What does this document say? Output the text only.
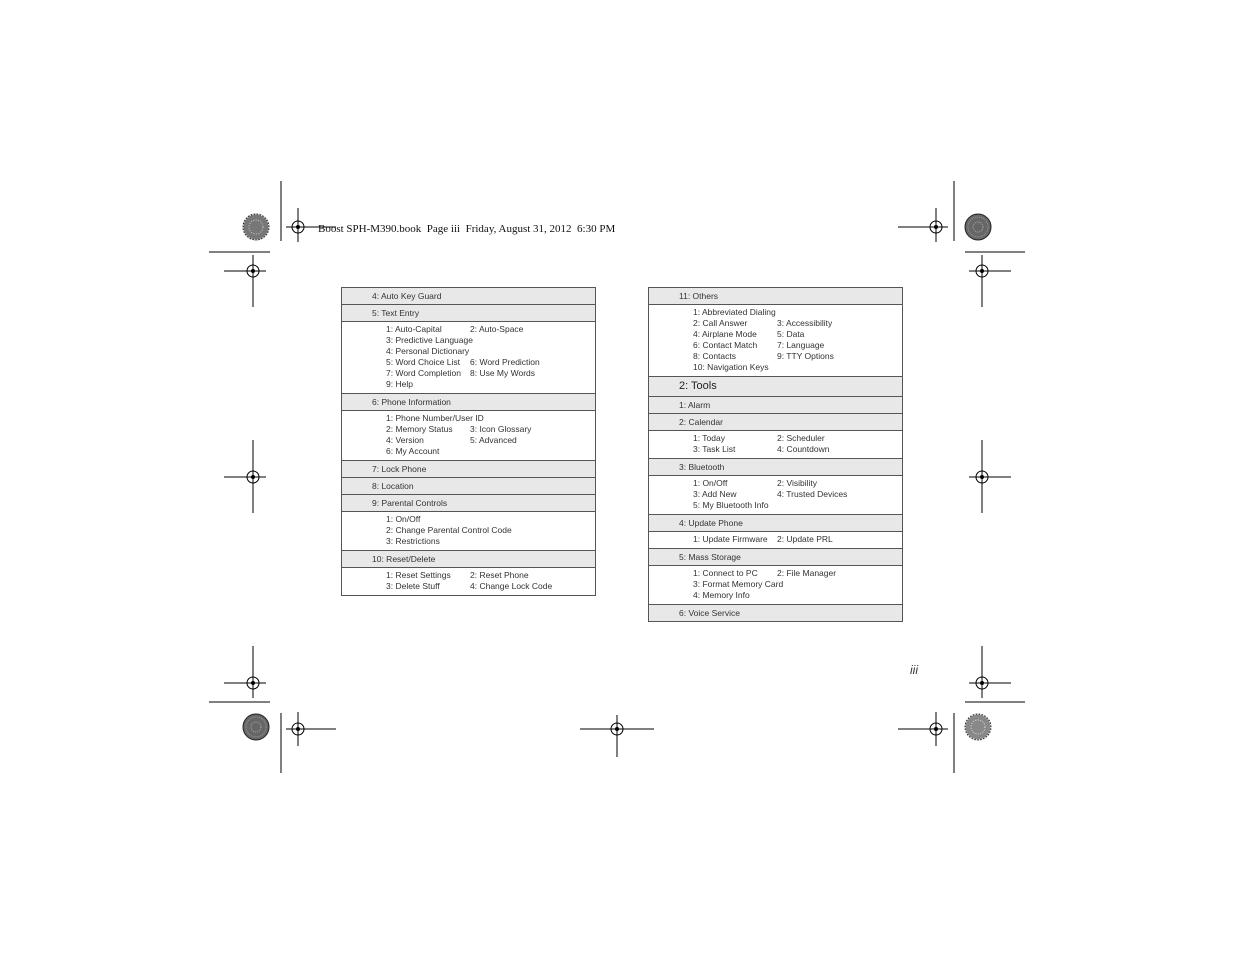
Boost SPH-M390.book  Page iii  Friday, August 31, 2012  6:30 PM
4: Auto Key Guard
5: Text Entry
1: Auto-Capital	2: Auto-Space
3: Predictive Language
4: Personal Dictionary
5: Word Choice List	6: Word Prediction
7: Word Completion	8: Use My Words
9: Help
6: Phone Information
1: Phone Number/User ID
2: Memory Status	3: Icon Glossary
4: Version	5: Advanced
6: My Account
7: Lock Phone
8: Location
9: Parental Controls
1: On/Off
2: Change Parental Control Code
3: Restrictions
10: Reset/Delete
1: Reset Settings	2: Reset Phone
3: Delete Stuff	4: Change Lock Code
11: Others
1: Abbreviated Dialing
2: Call Answer	3: Accessibility
4: Airplane Mode	5: Data
6: Contact Match	7: Language
8: Contacts	9: TTY Options
10: Navigation Keys
2: Tools
1: Alarm
2: Calendar
1: Today	2: Scheduler
3: Task List	4: Countdown
3: Bluetooth
1: On/Off	2: Visibility
3: Add New	4: Trusted Devices
5: My Bluetooth Info
4: Update Phone
1: Update Firmware	2: Update PRL
5: Mass Storage
1: Connect to PC	2: File Manager
3: Format Memory Card
4: Memory Info
6: Voice Service
iii
